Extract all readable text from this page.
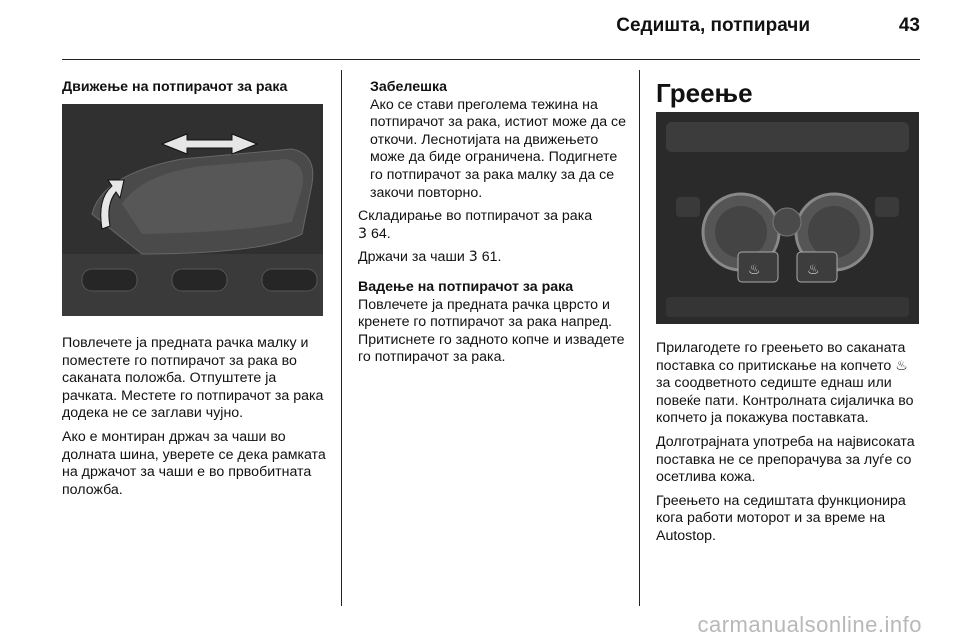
Седишта, потпирачи	43
Движење на потпирачот за рака

Повлечете ја предната рачка малку и поместете го потпирачот за рака во саканата положба. Отпуштете ја рачката. Местете го потпирачот за рака додека не се заглави чујно.

Ако е монтиран држач за чаши во долната шина, уверете се дека рамката на држачот за чаши е во првобитната положба.

Забелешка

Ако се стави преголема тежина на потпирачот за рака, истиот може да се откочи. Леснотијата на движењето може да биде ограничена. Подигнете го потпирачот за рака малку за да се закочи повторно.

Складирање во потпирачот за рака
3 64.

Држачи за чаши 3 61.

Вадење на потпирачот за рака

Повлечете ја предната рачка цврсто и кренете го потпирачот за рака напред. Притиснете го задното копче и извадете го потпирачот за рака.

Греење
♨	♨

Прилагодете го греењето во саканата поставка со притискање на копчето ♨ за соодветното седиште еднаш или повеќе пати. Контролната сијаличка во копчето ја покажува поставката.

Долготрајната употреба на највисоката поставка не се препорачува за луѓе со осетлива кожа.

Греењето на седиштата функционира кога работи моторот и за време на Autostop.

carmanualsonline.info
